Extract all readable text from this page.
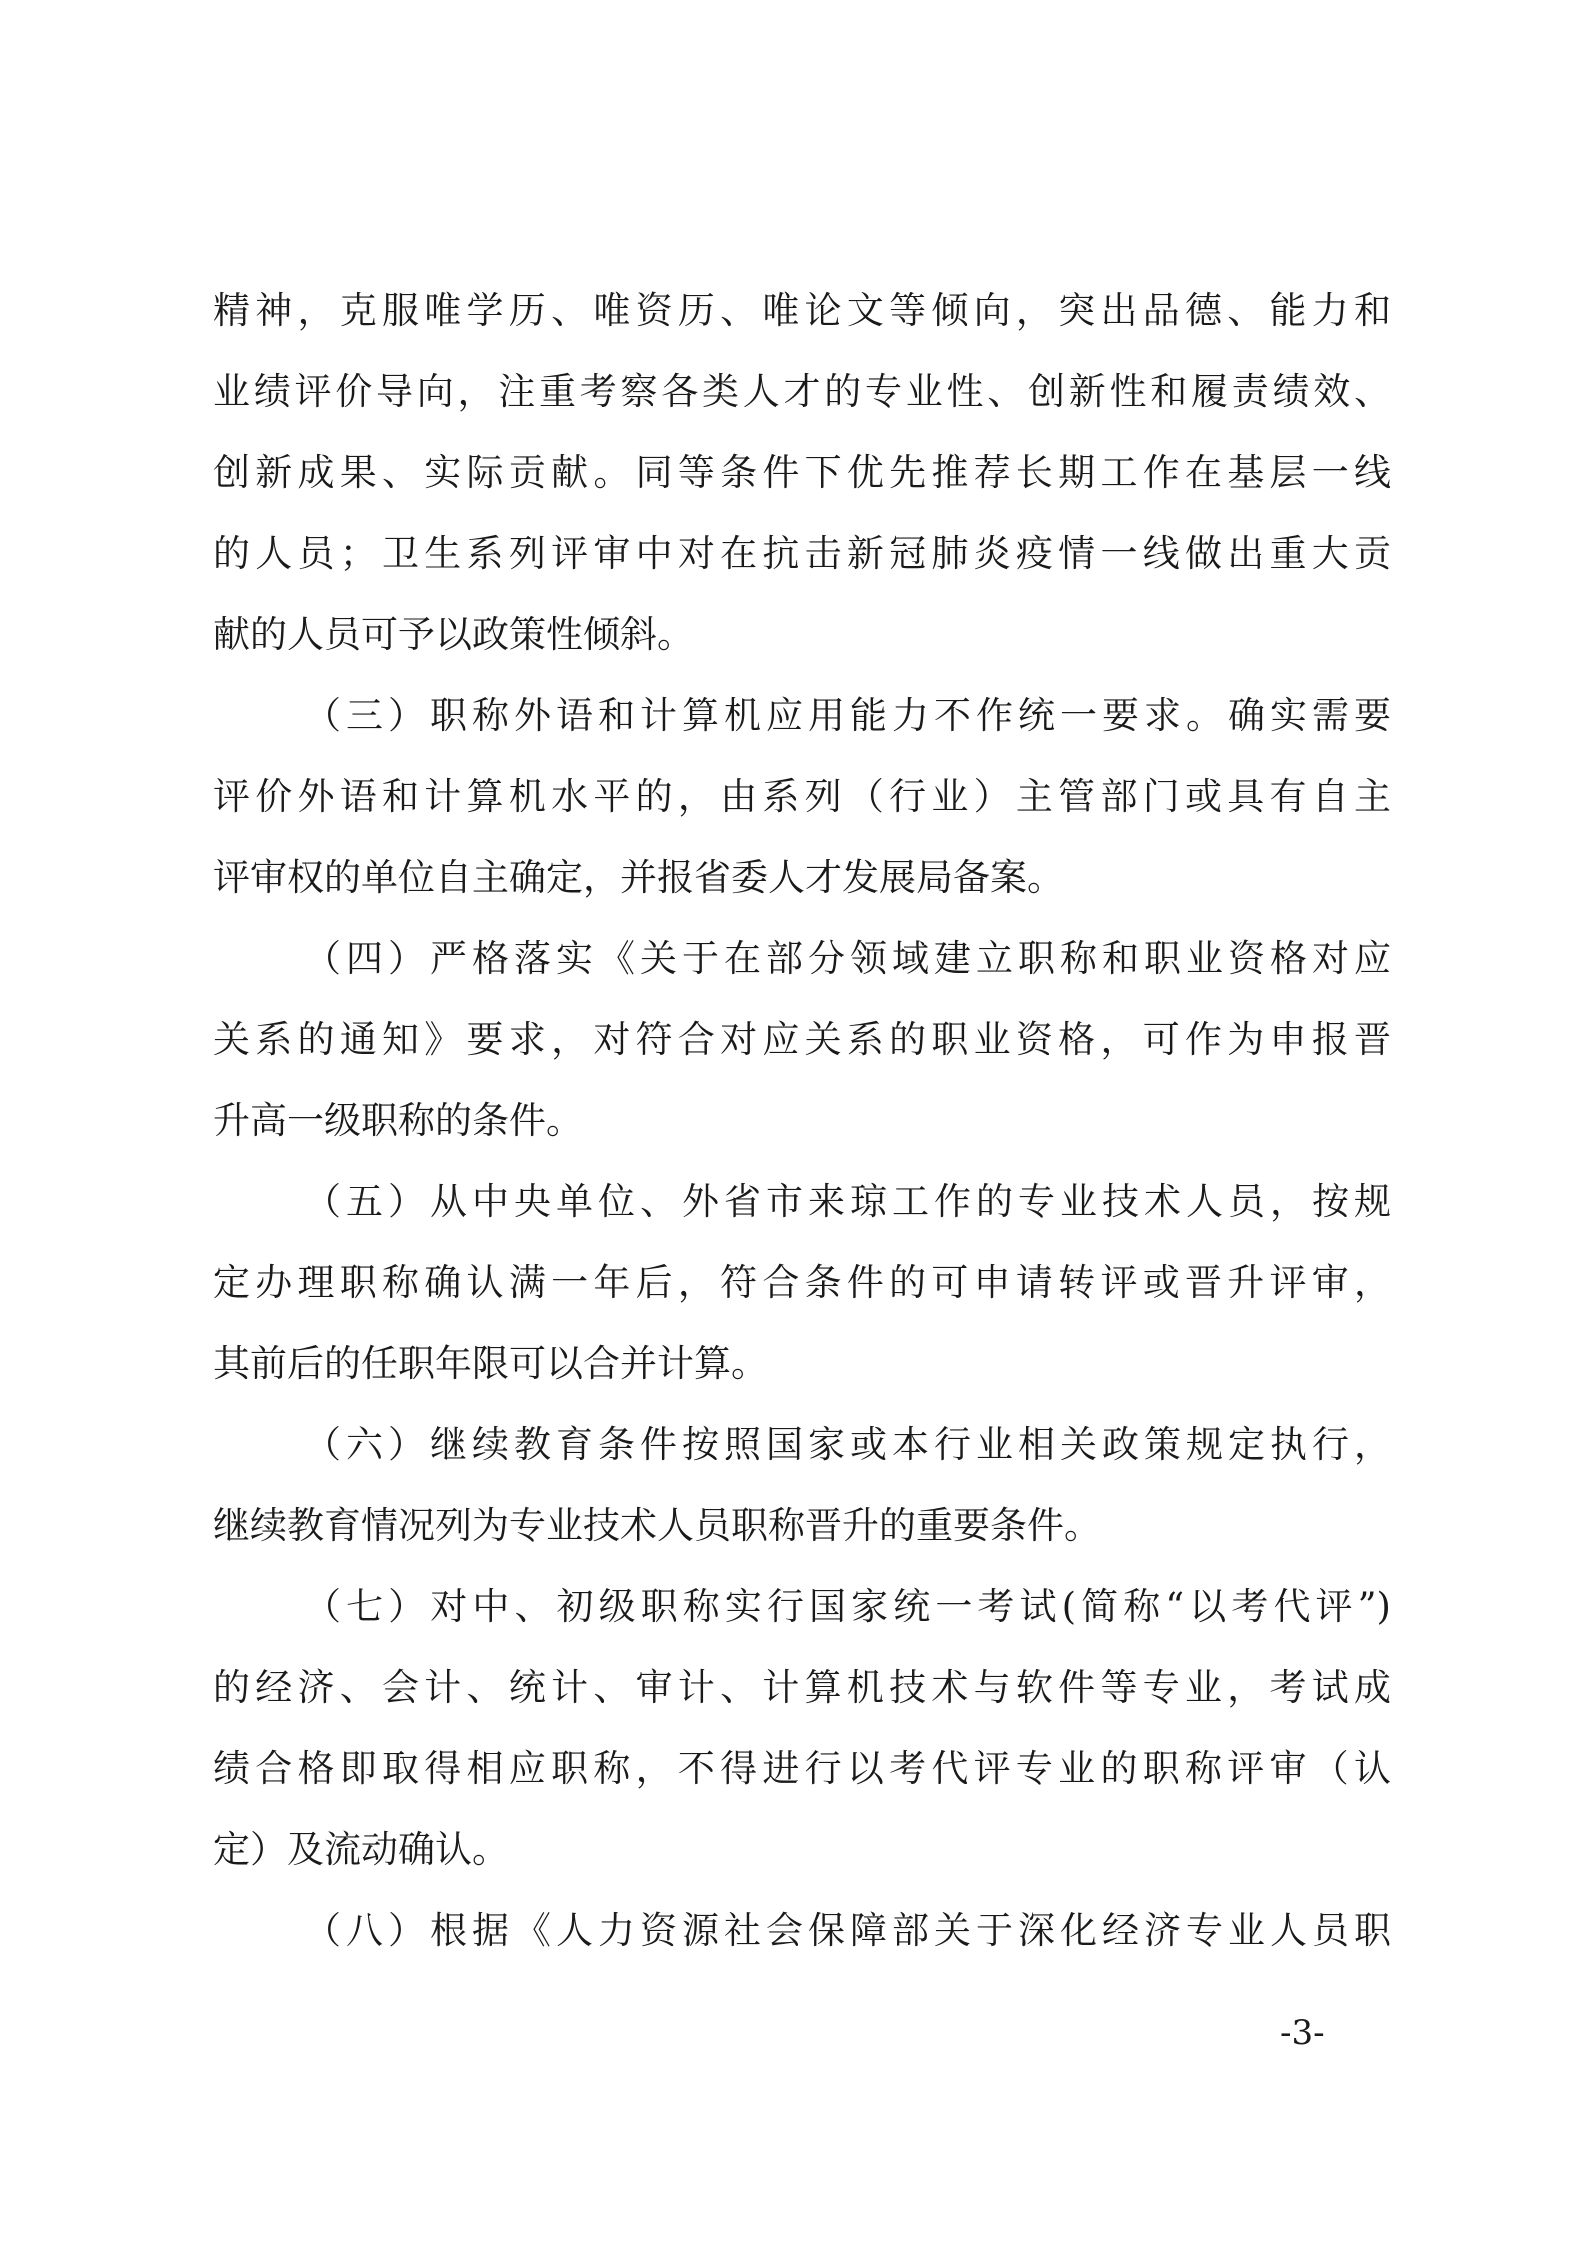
精神，克服唯学历、唯资历、唯论文等倾向，突出品德、能力和
业绩评价导向，注重考察各类人才的专业性、创新性和履责绩效、
创新成果、实际贡献。同等条件下优先推荐长期工作在基层一线
的人员；卫生系列评审中对在抗击新冠肺炎疫情一线做出重大贡
献的人员可予以政策性倾斜。
（三）职称外语和计算机应用能力不作统一要求。确实需要
评价外语和计算机水平的，由系列（行业）主管部门或具有自主
评审权的单位自主确定，并报省委人才发展局备案。
（四）严格落实《关于在部分领域建立职称和职业资格对应
关系的通知》要求，对符合对应关系的职业资格，可作为申报晋
升高一级职称的条件。
（五）从中央单位、外省市来琼工作的专业技术人员，按规
定办理职称确认满一年后，符合条件的可申请转评或晋升评审，
其前后的任职年限可以合并计算。
（六）继续教育条件按照国家或本行业相关政策规定执行，
继续教育情况列为专业技术人员职称晋升的重要条件。
（七）对中、初级职称实行国家统一考试(简称“以考代评”)
的经济、会计、统计、审计、计算机技术与软件等专业，考试成
绩合格即取得相应职称，不得进行以考代评专业的职称评审（认
定）及流动确认。
（八）根据《人力资源社会保障部关于深化经济专业人员职
-3-
